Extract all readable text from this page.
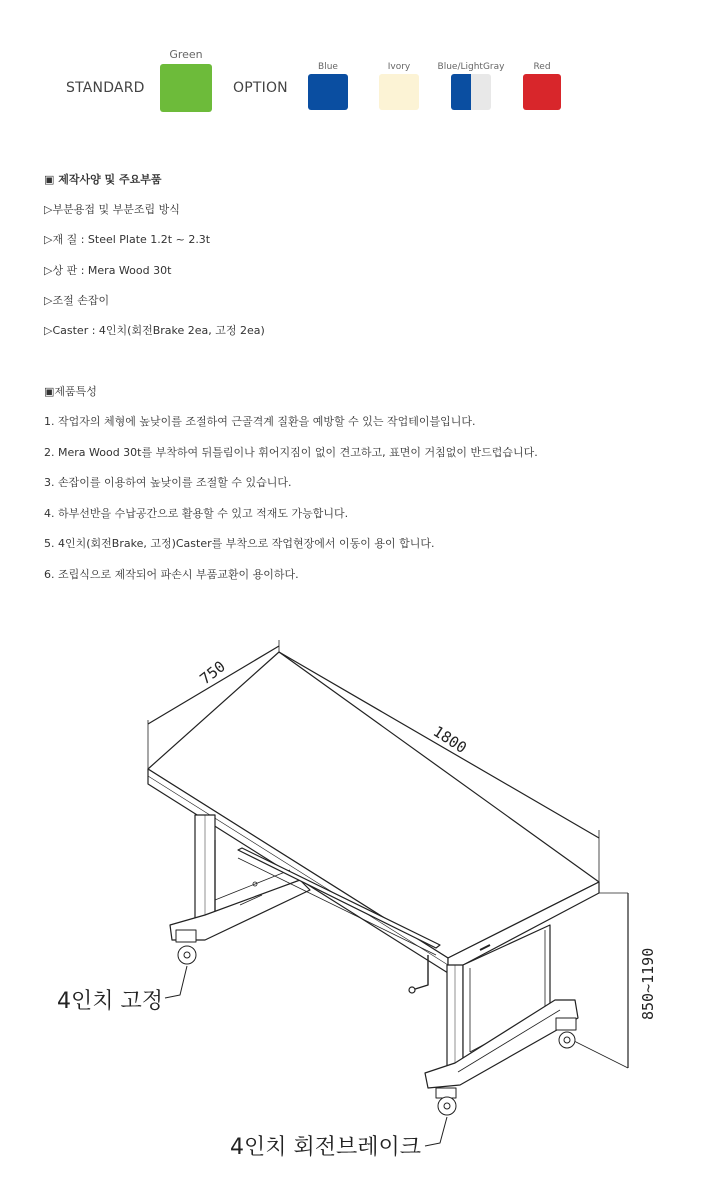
STANDARD
Green
OPTION
Blue	Ivory	Blue/LightGray	Red
▣ 제작사양 및 주요부품
▷부분용접 및 부분조립 방식
▷재 질 : Steel Plate 1.2t ~ 2.3t
▷상 판 : Mera Wood 30t
▷조절 손잡이
▷Caster : 4인치(회전Brake 2ea, 고정 2ea)
▣제품특성
1. 작업자의 체형에 높낮이를 조절하여 근골격계 질환을 예방할 수 있는 작업테이블입니다.
2. Mera Wood 30t를 부착하여 뒤틀림이나 휘어지짐이 없이 견고하고, 표면이 거침없이 반드럽습니다.
3. 손잡이를 이용하여 높낮이를 조절할 수 있습니다.
4. 하부선반을 수납공간으로 활용할 수 있고 적재도 가능합니다.
5. 4인치(회전Brake, 고정)Caster를 부착으로 작업현장에서 이동이 용이 합니다.
6. 조립식으로 제작되어 파손시 부품교환이 용이하다.
750
1800
850~1190
4인치 고정
4인치 회전브레이크
